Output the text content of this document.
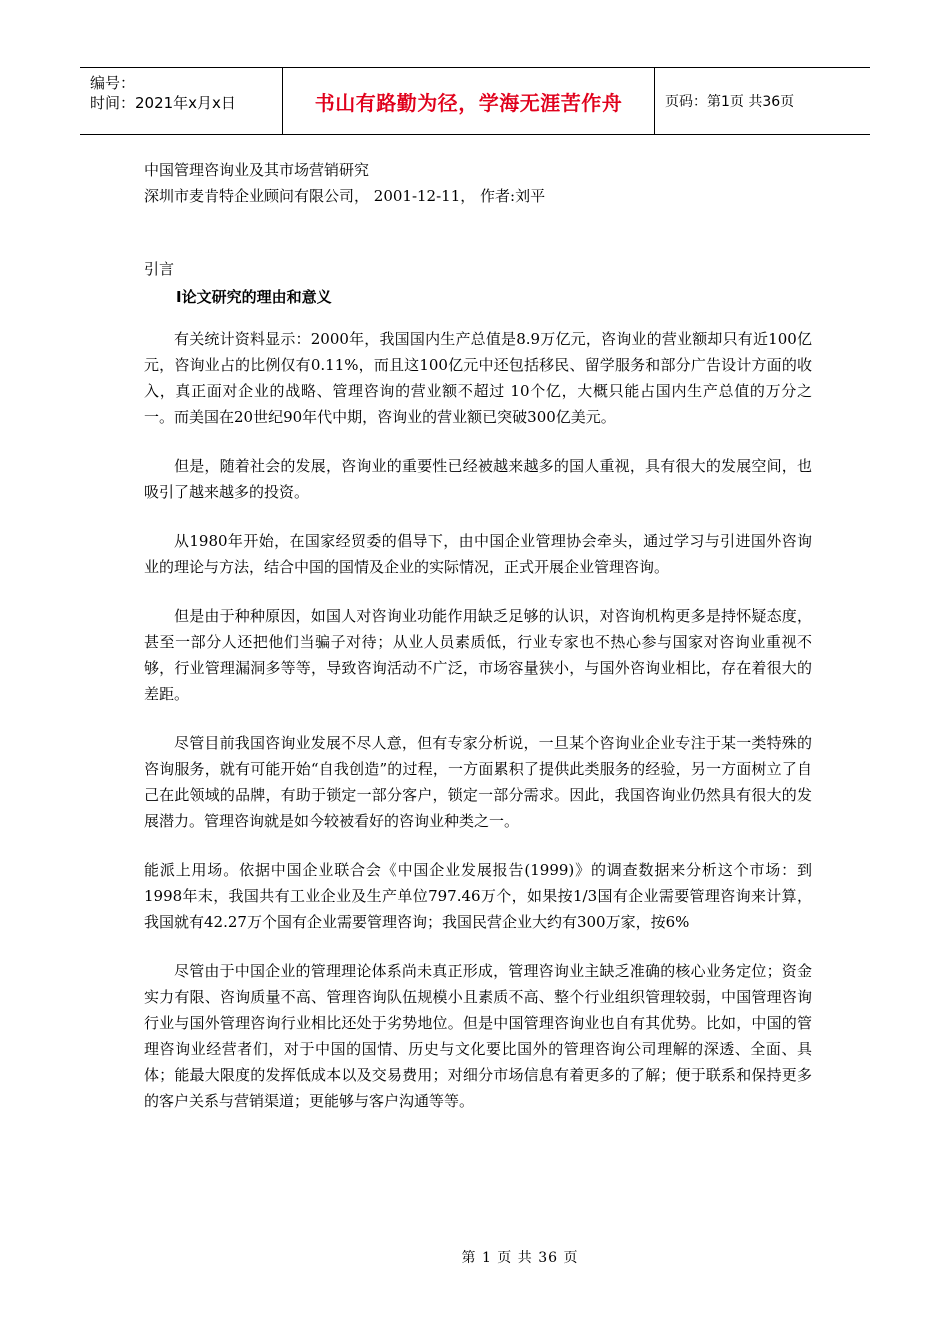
编号：
时间：2021年x月x日	书山有路勤为径，学海无涯苦作舟	页码：第1页 共36页
中国管理咨询业及其市场营销研究
深圳市麦肯特企业顾问有限公司， 2001-12-11， 作者:刘平
引言
Ⅰ论文研究的理由和意义

有关统计资料显示：2000年，我国国内生产总值是8.9万亿元，咨询业的营业额却只有近100亿元，咨询业占的比例仅有0.11%，而且这100亿元中还包括移民、留学服务和部分广告设计方面的收入，真正面对企业的战略、管理咨询的营业额不超过 10个亿，大概只能占国内生产总值的万分之一。而美国在20世纪90年代中期，咨询业的营业额已突破300亿美元。

但是，随着社会的发展，咨询业的重要性已经被越来越多的国人重视，具有很大的发展空间，也吸引了越来越多的投资。

从1980年开始，在国家经贸委的倡导下，由中国企业管理协会牵头，通过学习与引进国外咨询业的理论与方法，结合中国的国情及企业的实际情况，正式开展企业管理咨询。

但是由于种种原因，如国人对咨询业功能作用缺乏足够的认识，对咨询机构更多是持怀疑态度，甚至一部分人还把他们当骗子对待；从业人员素质低，行业专家也不热心参与国家对咨询业重视不够，行业管理漏洞多等等，导致咨询活动不广泛，市场容量狭小，与国外咨询业相比，存在着很大的差距。

尽管目前我国咨询业发展不尽人意，但有专家分析说，一旦某个咨询业企业专注于某一类特殊的咨询服务，就有可能开始“自我创造”的过程，一方面累积了提供此类服务的经验，另一方面树立了自己在此领域的品牌，有助于锁定一部分客户，锁定一部分需求。因此，我国咨询业仍然具有很大的发展潜力。管理咨询就是如今较被看好的咨询业种类之一。

能派上用场。依据中国企业联合会《中国企业发展报告(1999)》的调查数据来分析这个市场：到1998年末，我国共有工业企业及生产单位797.46万个，如果按1/3国有企业需要管理咨询来计算，我国就有42.27万个国有企业需要管理咨询；我国民营企业大约有300万家，按6%

尽管由于中国企业的管理理论体系尚未真正形成，管理咨询业主缺乏准确的核心业务定位；资金实力有限、咨询质量不高、管理咨询队伍规模小且素质不高、整个行业组织管理较弱，中国管理咨询行业与国外管理咨询行业相比还处于劣势地位。但是中国管理咨询业也自有其优势。比如，中国的管理咨询业经营者们，对于中国的国情、历史与文化要比国外的管理咨询公司理解的深透、全面、具体；能最大限度的发挥低成本以及交易费用；对细分市场信息有着更多的了解；便于联系和保持更多的客户关系与营销渠道；更能够与客户沟通等等。

第 1 页 共 36 页
